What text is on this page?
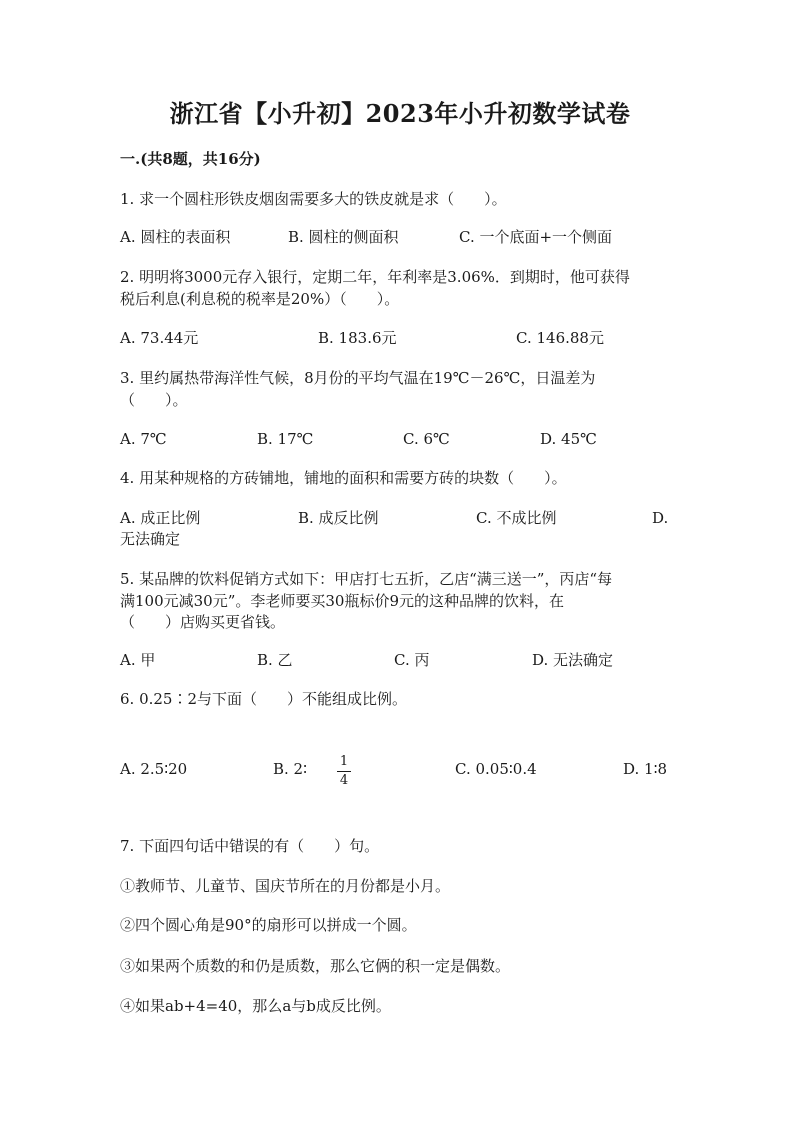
浙江省【小升初】2023年小升初数学试卷
一.(共8题，共16分)
1. 求一个圆柱形铁皮烟囱需要多大的铁皮就是求（　　）。
A. 圆柱的表面积	B. 圆柱的侧面积	C. 一个底面+一个侧面
2. 明明将3000元存入银行，定期二年，年利率是3.06%．到期时，他可获得
税后利息(利息税的税率是20%）（　　）。
A. 73.44元	B. 183.6元	C. 146.88元
3. 里约属热带海洋性气候，8月份的平均气温在19℃－26℃，日温差为
（　　）。
A. 7℃	B. 17℃	C. 6℃	D. 45℃
4. 用某种规格的方砖铺地，铺地的面积和需要方砖的块数（　　）。
A. 成正比例	B. 成反比例	C. 不成比例	D.
无法确定
5. 某品牌的饮料促销方式如下：甲店打七五折，乙店“满三送一”，丙店“每
满100元减30元”。李老师要买30瓶标价9元的这种品牌的饮料，在
（　　）店购买更省钱。
A. 甲	B. 乙	C. 丙	D. 无法确定
6. 0.25∶2与下面（　　）不能组成比例。
A. 2.5∶20	B. 2∶	1
4
C. 0.05∶0.4	D. 1∶8
7. 下面四句话中错误的有（　　）句。
①教师节、儿童节、国庆节所在的月份都是小月。
②四个圆心角是90°的扇形可以拼成一个圆。
③如果两个质数的和仍是质数，那么它俩的积一定是偶数。
④如果ab+4=40，那么a与b成反比例。
